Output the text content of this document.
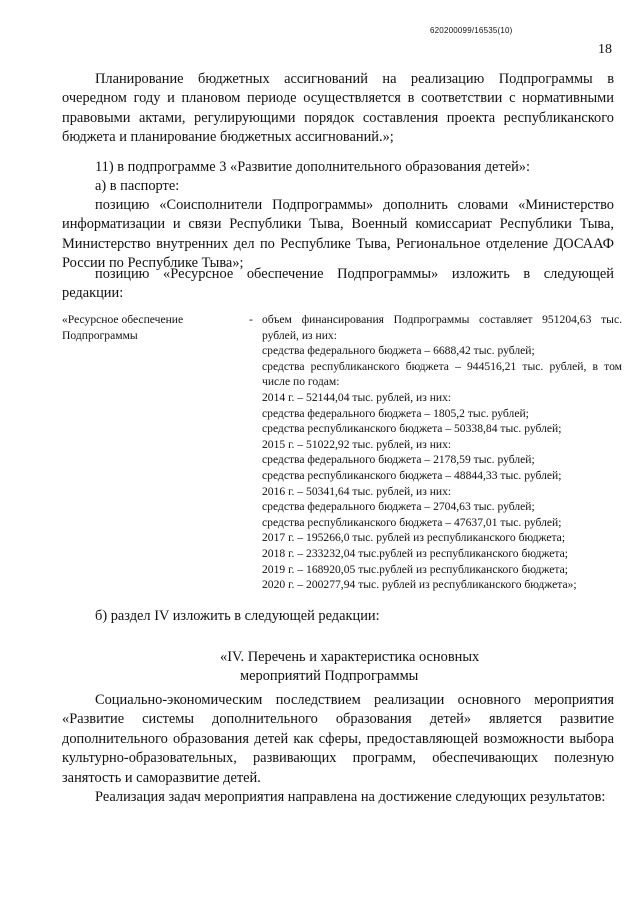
620200099/16535(10)
18

Планирование бюджетных ассигнований на реализацию Подпрограммы в очередном году и плановом периоде осуществляется в соответствии с нормативными правовыми актами, регулирующими порядок составления проекта республиканского бюджета и планирование бюджетных ассигнований.»;

11) в подпрограмме 3 «Развитие дополнительного образования детей»:

а) в паспорте:

позицию «Соисполнители Подпрограммы» дополнить словами «Министерство информатизации и связи Республики Тыва, Военный комиссариат Республики Тыва, Министерство внутренних дел по Республике Тыва, Региональное отделение ДОСААФ России по Республике Тыва»;

позицию «Ресурсное обеспечение Подпрограммы» изложить в следующей редакции:

«Ресурсное обеспечение Подпрограммы
- объем финансирования Подпрограммы составляет 951204,63 тыс. рублей, из них:
средства федерального бюджета – 6688,42 тыс. рублей;
средства республиканского бюджета – 944516,21 тыс. рублей, в том числе по годам:
2014 г. – 52144,04 тыс. рублей, из них:
средства федерального бюджета – 1805,2 тыс. рублей;
средства республиканского бюджета – 50338,84 тыс. рублей;
2015 г. – 51022,92 тыс. рублей, из них:
средства федерального бюджета – 2178,59 тыс. рублей;
средства республиканского бюджета – 48844,33 тыс. рублей;
2016 г. – 50341,64 тыс. рублей, из них:
средства федерального бюджета – 2704,63 тыс. рублей;
средства республиканского бюджета – 47637,01 тыс. рублей;
2017 г. – 195266,0 тыс. рублей из республиканского бюджета;
2018 г. – 233232,04 тыс.рублей из республиканского бюджета;
2019 г. – 168920,05 тыс.рублей из республиканского бюджета;
2020 г. – 200277,94 тыс. рублей из республиканского бюджета»;

б) раздел IV изложить в следующей редакции:

«IV. Перечень и характеристика основных
мероприятий Подпрограммы

Социально-экономическим последствием реализации основного мероприятия «Развитие системы дополнительного образования детей» является развитие дополнительного образования детей как сферы, предоставляющей возможности выбора культурно-образовательных, развивающих программ, обеспечивающих полезную занятость и саморазвитие детей.

Реализация задач мероприятия направлена на достижение следующих результатов:
